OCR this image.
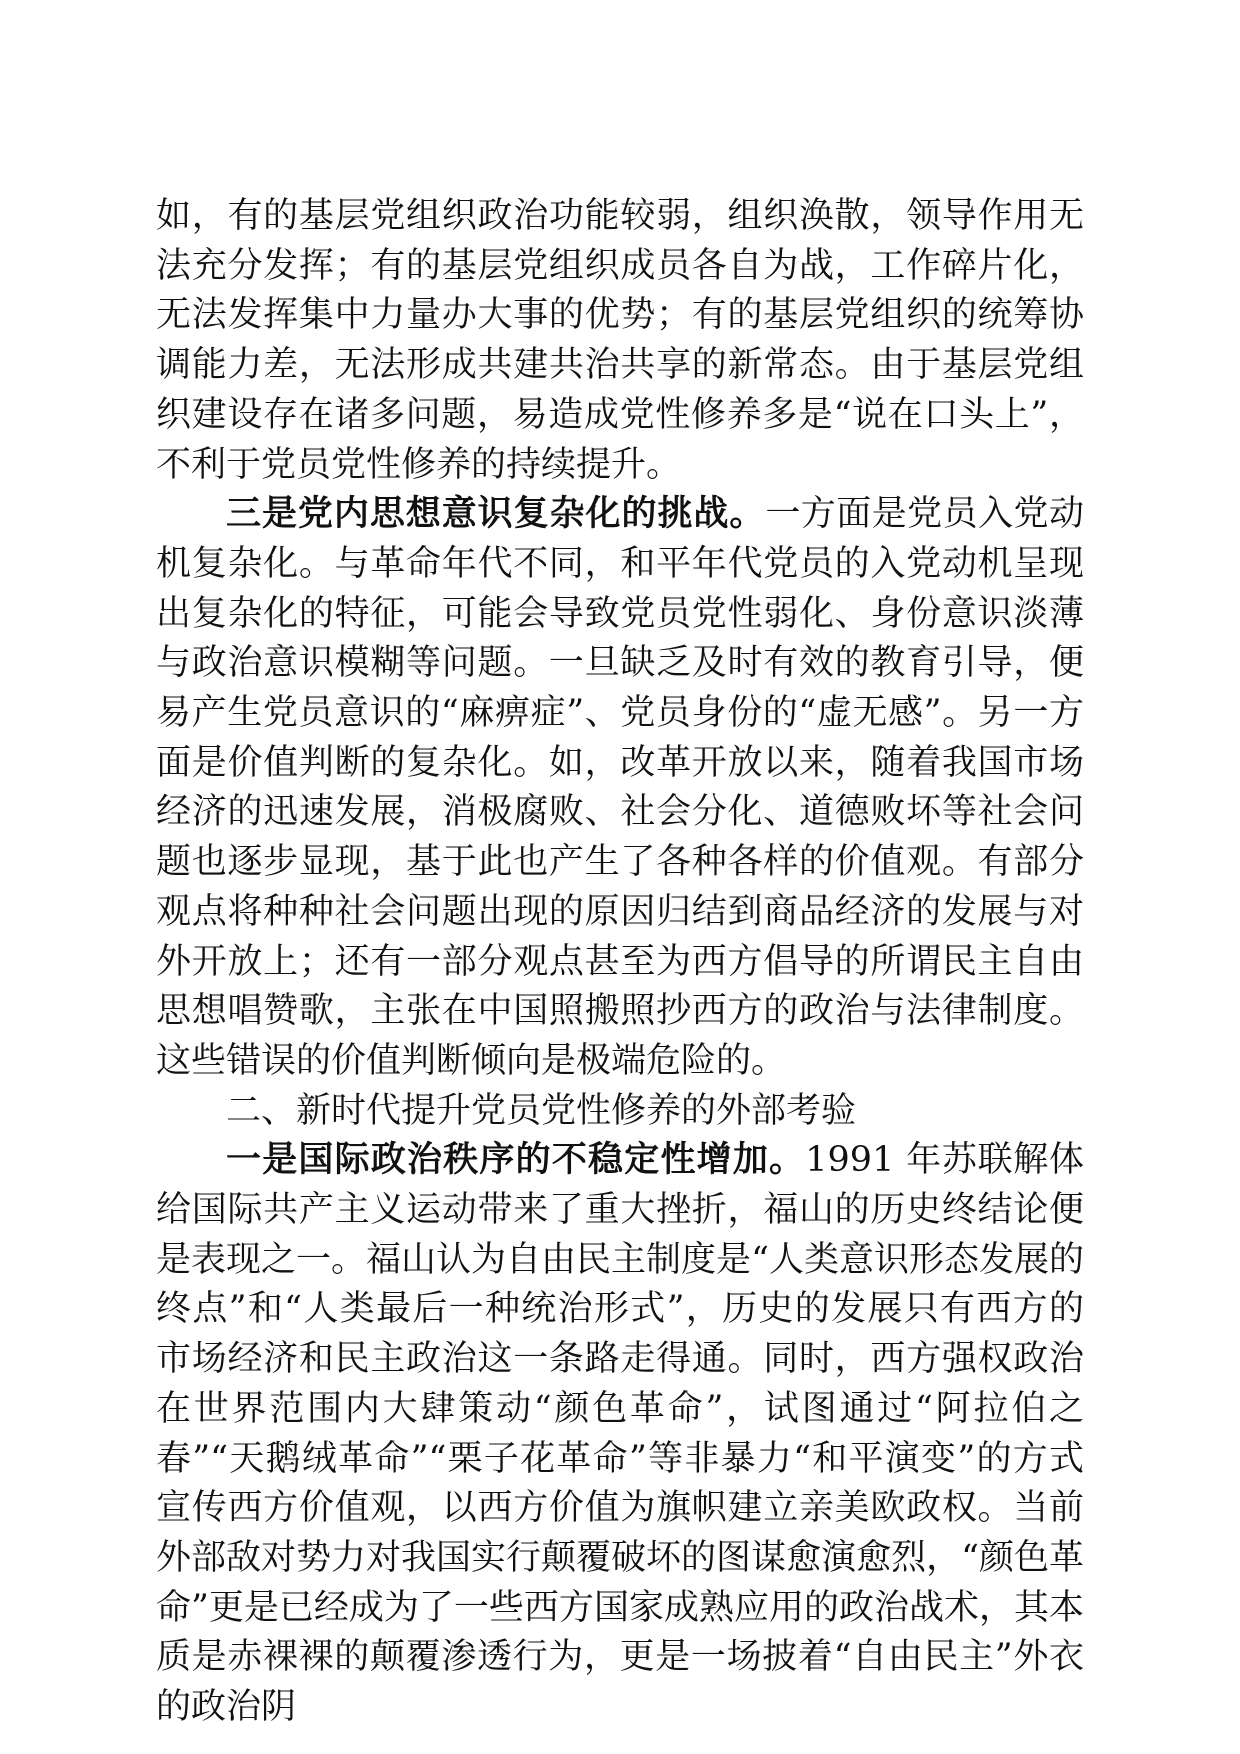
如，有的基层党组织政治功能较弱，组织涣散，领导作用无法充分发挥；有的基层党组织成员各自为战，工作碎片化，无法发挥集中力量办大事的优势；有的基层党组织的统筹协调能力差，无法形成共建共治共享的新常态。由于基层党组织建设存在诸多问题，易造成党性修养多是“说在口头上”，不利于党员党性修养的持续提升。

三是党内思想意识复杂化的挑战。一方面是党员入党动机复杂化。与革命年代不同，和平年代党员的入党动机呈现出复杂化的特征，可能会导致党员党性弱化、身份意识淡薄与政治意识模糊等问题。一旦缺乏及时有效的教育引导，便易产生党员意识的“麻痹症”、党员身份的“虚无感”。另一方面是价值判断的复杂化。如，改革开放以来，随着我国市场经济的迅速发展，消极腐败、社会分化、道德败坏等社会问题也逐步显现，基于此也产生了各种各样的价值观。有部分观点将种种社会问题出现的原因归结到商品经济的发展与对外开放上；还有一部分观点甚至为西方倡导的所谓民主自由思想唱赞歌，主张在中国照搬照抄西方的政治与法律制度。这些错误的价值判断倾向是极端危险的。

二、新时代提升党员党性修养的外部考验

一是国际政治秩序的不稳定性增加。1991 年苏联解体给国际共产主义运动带来了重大挫折，福山的历史终结论便是表现之一。福山认为自由民主制度是“人类意识形态发展的终点”和“人类最后一种统治形式”，历史的发展只有西方的市场经济和民主政治这一条路走得通。同时，西方强权政治在世界范围内大肆策动“颜色革命”，试图通过“阿拉伯之春”“天鹅绒革命”“栗子花革命”等非暴力“和平演变”的方式宣传西方价值观，以西方价值为旗帜建立亲美欧政权。当前外部敌对势力对我国实行颠覆破坏的图谋愈演愈烈，“颜色革命”更是已经成为了一些西方国家成熟应用的政治战术，其本质是赤裸裸的颠覆渗透行为，更是一场披着“自由民主”外衣的政治阴
